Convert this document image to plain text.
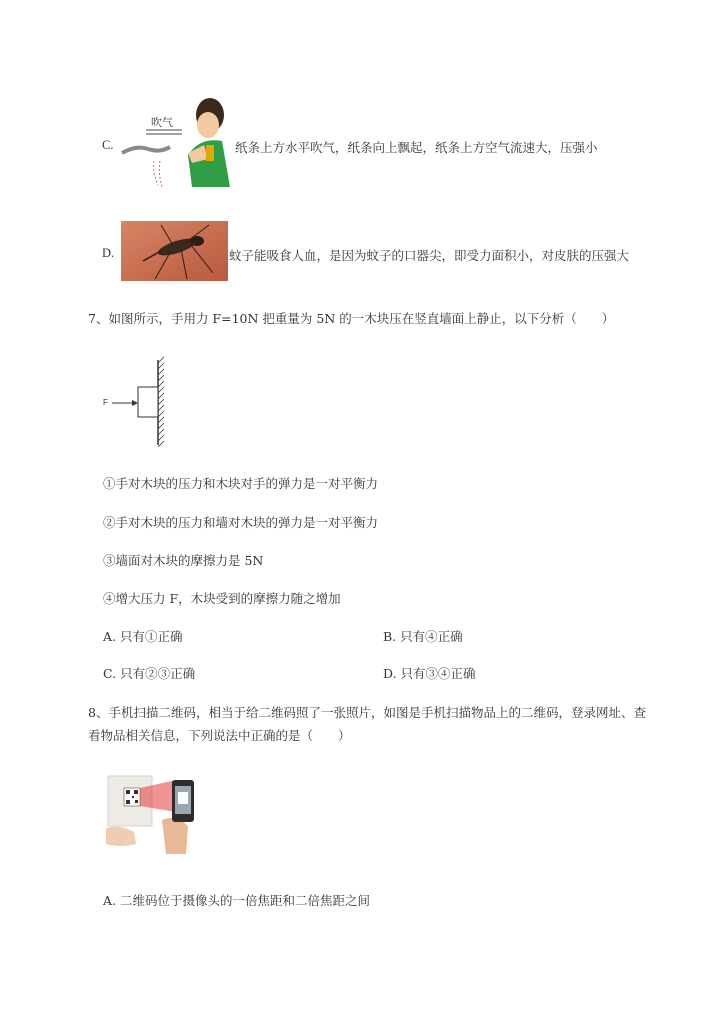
C.
吹气
纸条上方水平吹气，纸条向上飘起，纸条上方空气流速大，压强小
D.	蚊子能吸食人血，是因为蚊子的口器尖，即受力面积小，对皮肤的压强大
7、如图所示，手用力 F=10N 把重量为 5N 的一木块压在竖直墙面上静止，以下分析（　　）
F
①手对木块的压力和木块对手的弹力是一对平衡力
②手对木块的压力和墙对木块的弹力是一对平衡力
③墙面对木块的摩擦力是 5N
④增大压力 F，木块受到的摩擦力随之增加
A. 只有①正确	B. 只有④正确
C. 只有②③正确	D. 只有③④正确
8、手机扫描二维码，相当于给二维码照了一张照片，如图是手机扫描物品上的二维码，登录网址、查
看物品相关信息，下列说法中正确的是（　　）
A. 二维码位于摄像头的一倍焦距和二倍焦距之间
